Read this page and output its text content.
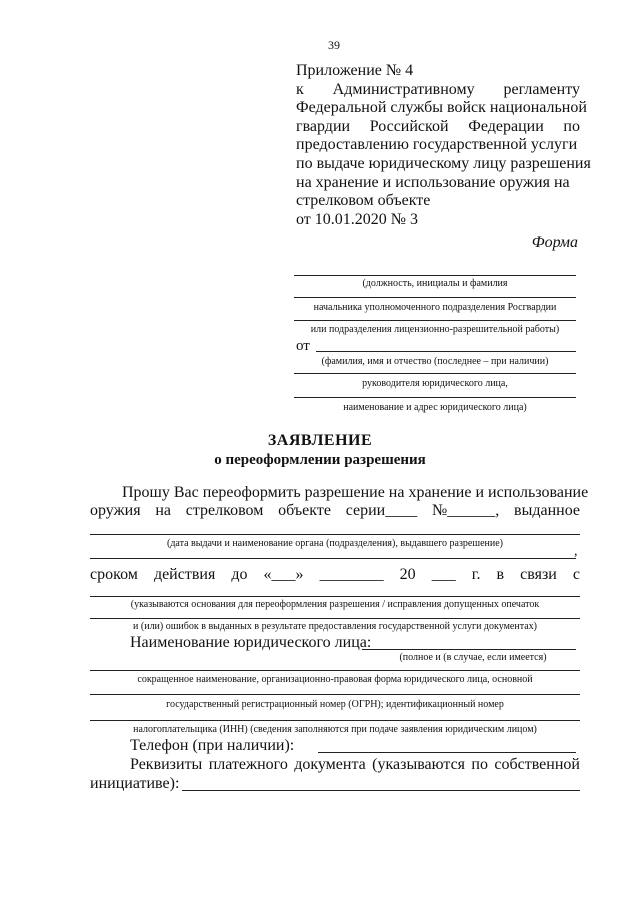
39
Приложение № 4
к Административному регламенту
Федеральной службы войск национальной
гвардии Российской Федерации по
предоставлению государственной услуги
по выдаче юридическому лицу разрешения
на хранение и использование оружия на
стрелковом объекте
от 10.01.2020 № 3
Форма
(должность, инициалы и фамилия
начальника уполномоченного подразделения Росгвардии
или подразделения лицензионно-разрешительной работы)
от
(фамилия, имя и отчество (последнее – при наличии)
руководителя юридического лица,
наименование и адрес юридического лица)
ЗАЯВЛЕНИЕ
о переоформлении разрешения
Прошу Вас переоформить разрешение на хранение и использование
оружия на стрелковом объекте серии____ №______, выданное
(дата выдачи и наименование органа (подразделения), выдавшего разрешение)
,
сроком действия до «___» ________ 20 ___ г. в связи с
(указываются основания для переоформления разрешения / исправления допущенных опечаток
и (или) ошибок в выданных в результате предоставления государственной услуги документах)
Наименование юридического лица:
(полное и (в случае, если имеется)
сокращенное наименование, организационно-правовая форма юридического лица, основной
государственный регистрационный номер (ОГРН); идентификационный номер
налогоплательщика (ИНН) (сведения заполняются при подаче заявления юридическим лицом)
Телефон (при наличии):
Реквизиты платежного документа (указываются по собственной
инициативе):
